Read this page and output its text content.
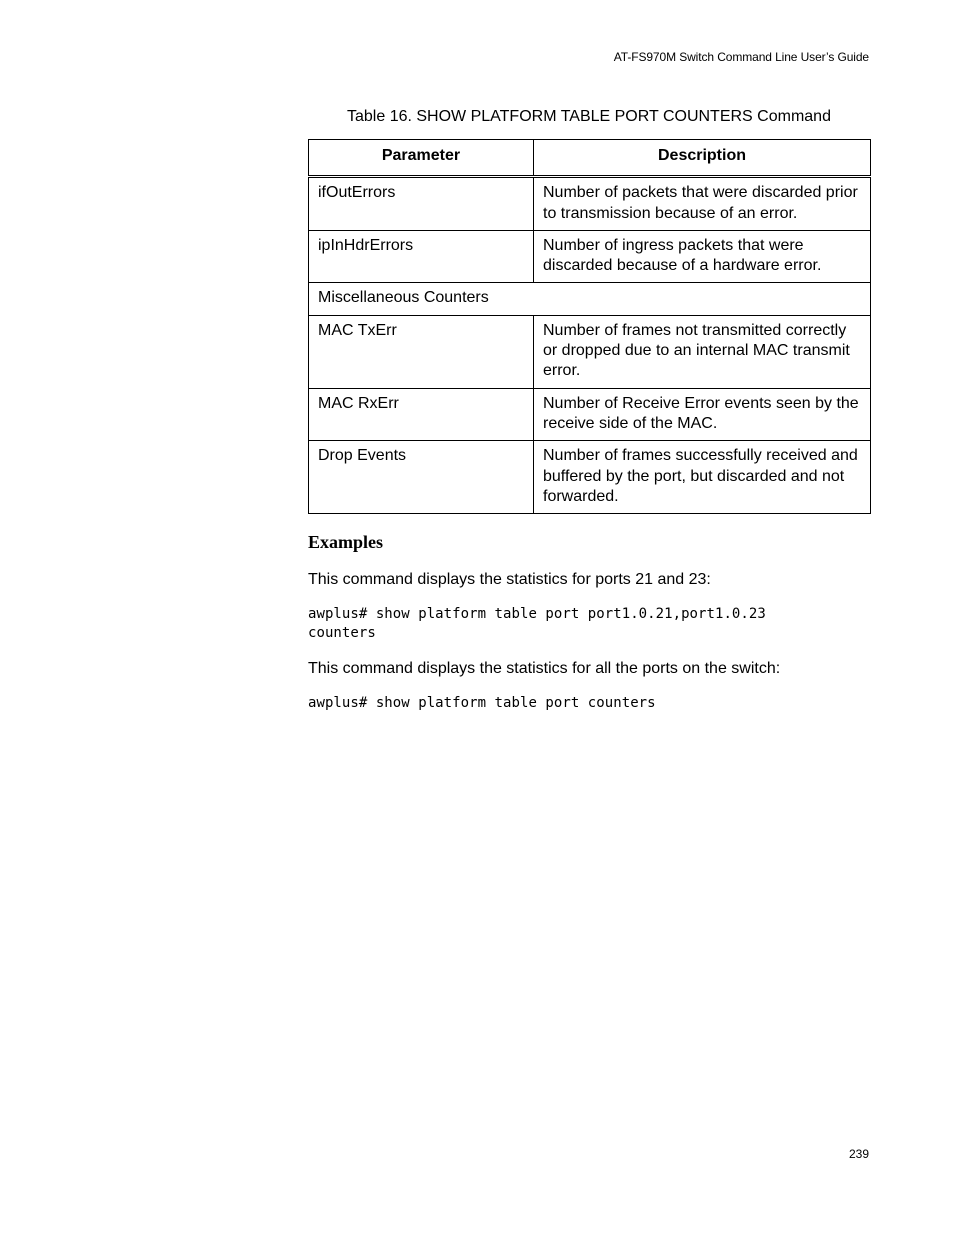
AT-FS970M Switch Command Line User’s Guide
Table 16. SHOW PLATFORM TABLE PORT COUNTERS Command
Parameter	Description
ifOutErrors	Number of packets that were discarded prior to transmission because of an error.
ipInHdrErrors	Number of ingress packets that were discarded because of a hardware error.
Miscellaneous Counters	
MAC TxErr	Number of frames not transmitted correctly or dropped due to an internal MAC transmit error.
MAC RxErr	Number of Receive Error events seen by the receive side of the MAC.
Drop Events	Number of frames successfully received and buffered by the port, but discarded and not forwarded.
Examples
This command displays the statistics for ports 21 and 23:
awplus# show platform table port port1.0.21,port1.0.23
counters
This command displays the statistics for all the ports on the switch:
awplus# show platform table port counters
239
